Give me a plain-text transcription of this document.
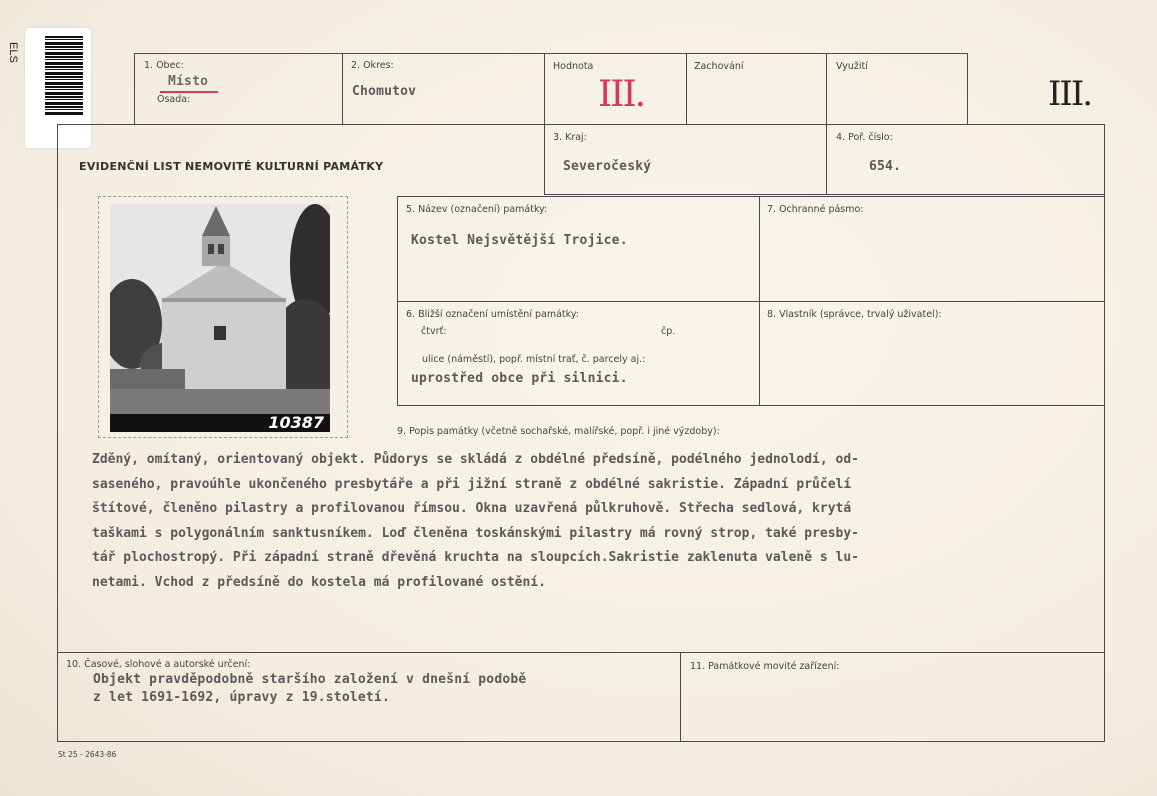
ELS
1. Obec:
Místo
Osada:
2. Okres:
Chomutov
Hodnota
III.
Zachování	Využití
III.
EVIDENČNÍ LIST NEMOVITÉ KULTURNÍ PAMÁTKY
3. Kraj:
Severočeský
4. Poř. číslo:
654.
10387
5. Název (označení) památky:
Kostel Nejsvětější Trojice.
7. Ochranné pásmo:
6. Bližší označení umístění památky:
čtvrť:	čp.
ulice (náměstí), popř. místní trať, č. parcely aj.:
uprostřed obce při silnici.
8. Vlastník (správce, trvalý uživatel):
9. Popis památky (včetně sochařské, malířské, popř. i jiné výzdoby):
Zděný, omítaný, orientovaný objekt. Půdorys se skládá z obdélné předsíně, podélného jednolodí, od-
saseného, pravoúhle ukončeného presbytáře a při jižní straně z obdélné sakristie. Západní průčelí
štítové, členěno pilastry a profilovanou římsou. Okna uzavřená půlkruhově. Střecha sedlová, krytá
taškami s polygonálním sanktusníkem. Loď členěna toskánskými pilastry má rovný strop, také presby-
tář plochostropý. Při západní straně dřevěná kruchta na sloupcích.Sakristie zaklenuta valeně s lu-
netami. Vchod z předsíně do kostela má profilované ostění.
10. Časové, slohové a autorské určení:
Objekt pravděpodobně staršího založení v dnešní podobě
z let 1691-1692, úpravy z 19.století.
11. Památkové movité zařízení:
St 25 - 2643-86
